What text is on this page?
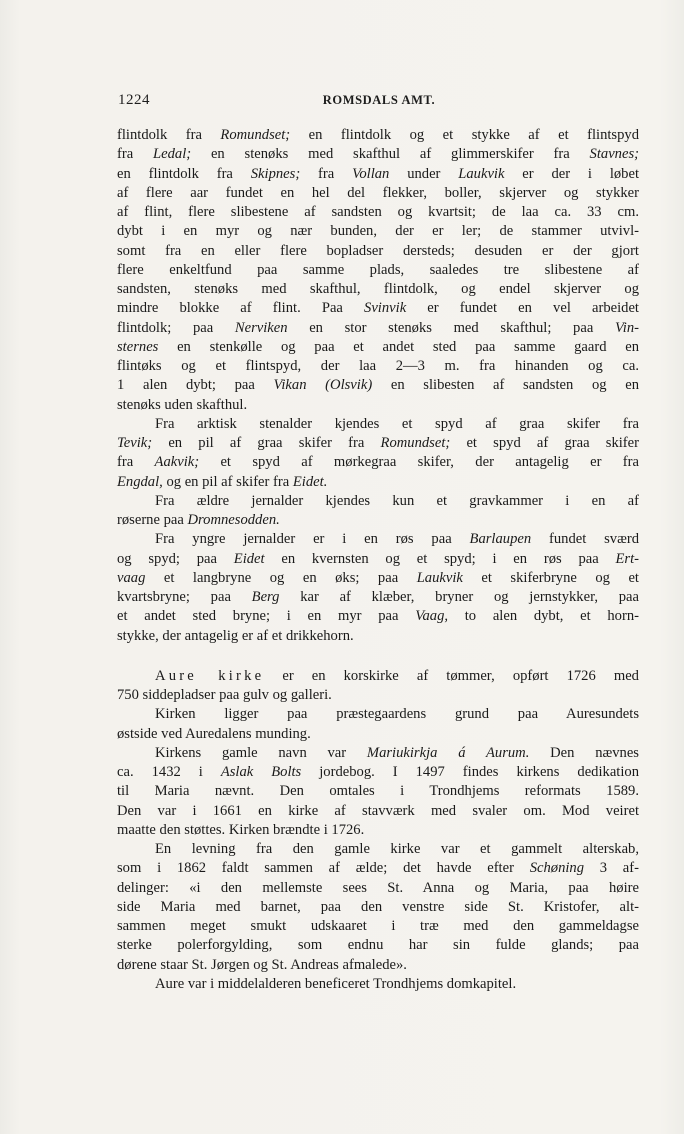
1224	ROMSDALS AMT.
flintdolk fra Romundset; en flintdolk og et stykke af et flintspyd
fra Ledal; en stenøks med skafthul af glimmerskifer fra Stavnes;
en flintdolk fra Skipnes; fra Vollan under Laukvik er der i løbet
af flere aar fundet en hel del flekker, boller, skjerver og stykker
af flint, flere slibestene af sandsten og kvartsit; de laa ca. 33 cm.
dybt i en myr og nær bunden, der er ler; de stammer utvivl-
somt fra en eller flere bopladser dersteds; desuden er der gjort
flere enkeltfund paa samme plads, saaledes tre slibestene af
sandsten, stenøks med skafthul, flintdolk, og endel skjerver og
mindre blokke af flint. Paa Svinvik er fundet en vel arbeidet
flintdolk; paa Nerviken en stor stenøks med skafthul; paa Vin-
sternes en stenkølle og paa et andet sted paa samme gaard en
flintøks og et flintspyd, der laa 2—3 m. fra hinanden og ca.
1 alen dybt; paa Vikan (Olsvik) en slibesten af sandsten og en
stenøks uden skafthul.
Fra arktisk stenalder kjendes et spyd af graa skifer fra
Tevik; en pil af graa skifer fra Romundset; et spyd af graa skifer
fra Aakvik; et spyd af mørkegraa skifer, der antagelig er fra
Engdal, og en pil af skifer fra Eidet.
Fra ældre jernalder kjendes kun et gravkammer i en af
røserne paa Dromnesodden.
Fra yngre jernalder er i en røs paa Barlaupen fundet sværd
og spyd; paa Eidet en kvernsten og et spyd; i en røs paa Ert-
vaag et langbryne og en øks; paa Laukvik et skiferbryne og et
kvartsbryne; paa Berg kar af klæber, bryner og jernstykker, paa
et andet sted bryne; i en myr paa Vaag, to alen dybt, et horn-
stykke, der antagelig er af et drikkehorn.
Aure kirke er en korskirke af tømmer, opført 1726 med
750 siddepladser paa gulv og galleri.
Kirken ligger paa præstegaardens grund paa Auresundets
østside ved Auredalens munding.
Kirkens gamle navn var Mariukirkja á Aurum. Den nævnes
ca. 1432 i Aslak Bolts jordebog. I 1497 findes kirkens dedikation
til Maria nævnt. Den omtales i Trondhjems reformats 1589.
Den var i 1661 en kirke af stavværk med svaler om. Mod veiret
maatte den støttes. Kirken brændte i 1726.
En levning fra den gamle kirke var et gammelt alterskab,
som i 1862 faldt sammen af ælde; det havde efter Schøning 3 af-
delinger: «i den mellemste sees St. Anna og Maria, paa høire
side Maria med barnet, paa den venstre side St. Kristofer, alt-
sammen meget smukt udskaaret i træ med den gammeldagse
sterke polerforgylding, som endnu har sin fulde glands; paa
dørene staar St. Jørgen og St. Andreas afmalede».
Aure var i middelalderen beneficeret Trondhjems domkapitel.
